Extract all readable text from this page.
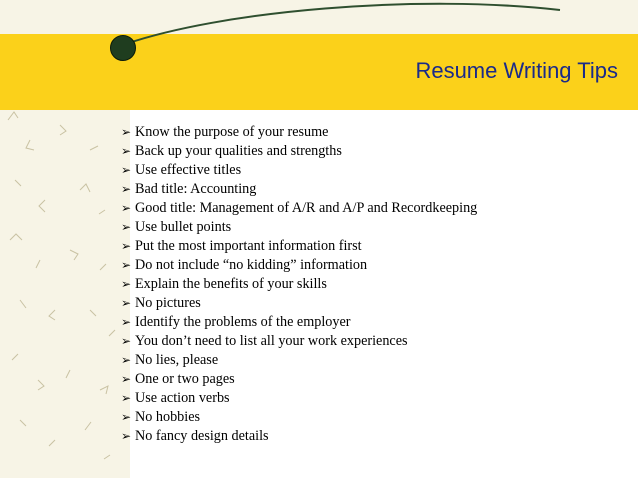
Resume Writing Tips
➢ Know the purpose of your resume
➢ Back up your qualities and strengths
➢ Use effective titles
➢ Bad title: Accounting
➢ Good title: Management of A/R and A/P and Recordkeeping
➢ Use bullet points
➢ Put the most important information first
➢ Do not include “no kidding” information
➢ Explain the benefits of your skills
➢ No pictures
➢ Identify the problems of the employer
➢ You don’t need to list all your work experiences
➢ No lies, please
➢ One or two pages
➢ Use action verbs
➢ No hobbies
➢ No fancy design details
